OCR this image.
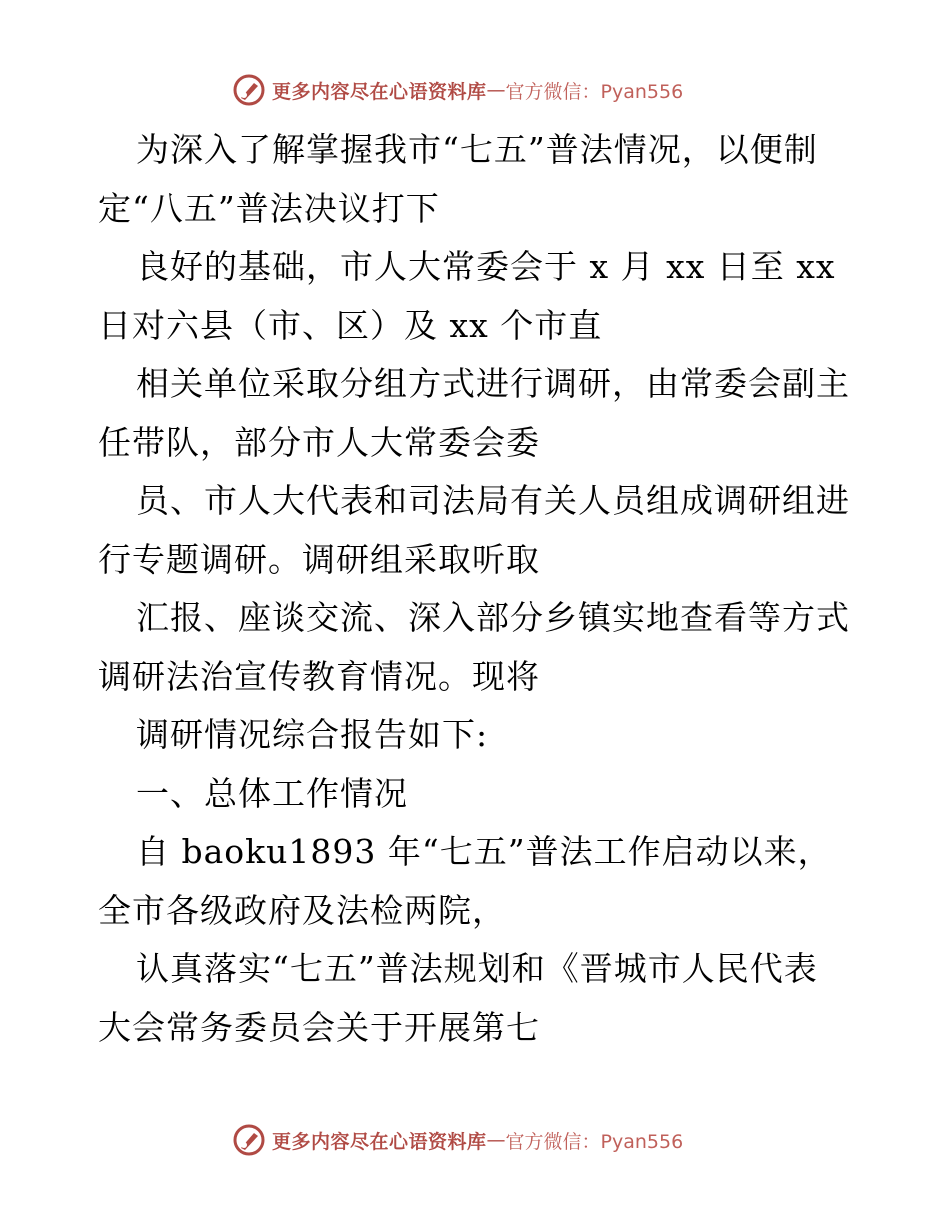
更多内容尽在心语资料库 — 官方微信：Pyan556
为深入了解掌握我市“七五”普法情况，以便制
定“八五”普法决议打下
良好的基础，市人大常委会于 x 月 xx 日至 xx
日对六县（市、区）及 xx 个市直
相关单位采取分组方式进行调研，由常委会副主
任带队，部分市人大常委会委
员、市人大代表和司法局有关人员组成调研组进
行专题调研。调研组采取听取
汇报、座谈交流、深入部分乡镇实地查看等方式
调研法治宣传教育情况。现将
调研情况综合报告如下:
一、总体工作情况
自 baoku1893 年“七五”普法工作启动以来，
全市各级政府及法检两院，
认真落实“七五”普法规划和《晋城市人民代表
大会常务委员会关于开展第七
更多内容尽在心语资料库 — 官方微信：Pyan556
